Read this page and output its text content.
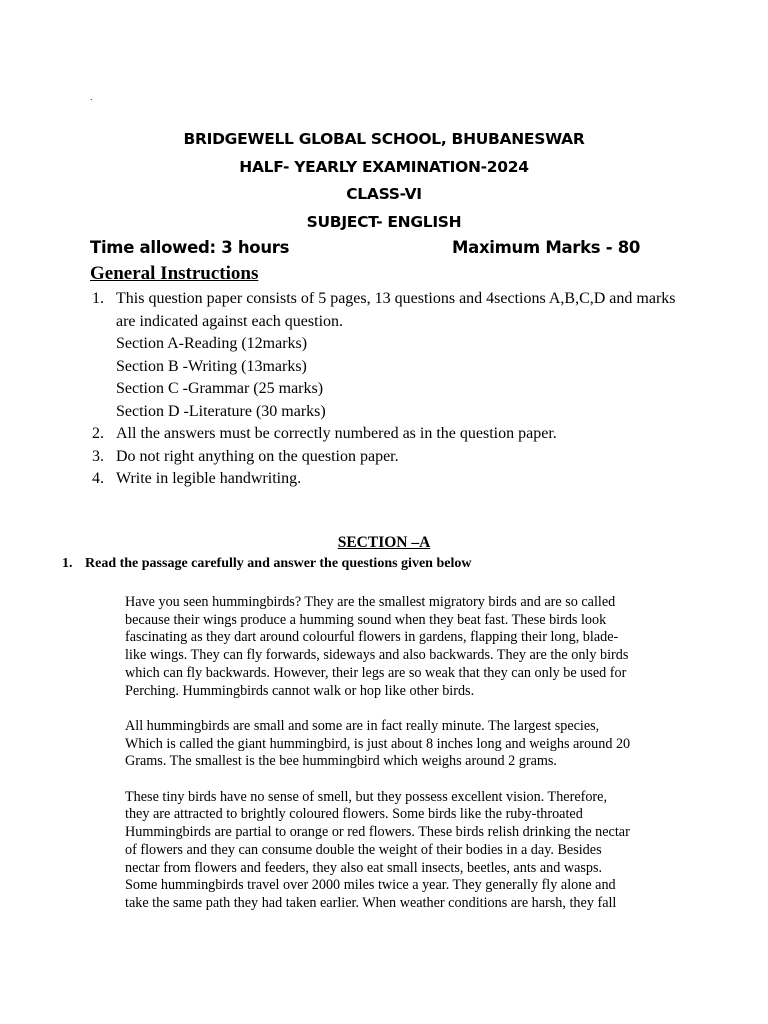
.
BRIDGEWELL GLOBAL SCHOOL, BHUBANESWAR
HALF- YEARLY EXAMINATION-2024
CLASS-VI
SUBJECT- ENGLISH
Time allowed: 3 hours	Maximum Marks - 80
General Instructions
1. This question paper consists of 5 pages, 13 questions and 4sections A,B,C,D and marks are indicated against each question.
Section A-Reading (12marks)
Section B -Writing (13marks)
Section C -Grammar (25 marks)
Section D -Literature (30 marks)
2. All the answers must be correctly numbered as in the question paper.
3. Do not right anything on the question paper.
4. Write in legible handwriting.
SECTION –A
1. Read the passage carefully and answer the questions given below
Have you seen hummingbirds? They are the smallest migratory birds and are so called
because their wings produce a humming sound when they beat fast. These birds look
fascinating as they dart around colourful flowers in gardens, flapping their long, blade-
like wings. They can fly forwards, sideways and also backwards. They are the only birds
which can fly backwards. However, their legs are so weak that they can only be used for
Perching. Hummingbirds cannot walk or hop like other birds.
All hummingbirds are small and some are in fact really minute. The largest species,
Which is called the giant hummingbird, is just about 8 inches long and weighs around 20
Grams. The smallest is the bee hummingbird which weighs around 2 grams.
These tiny birds have no sense of smell, but they possess excellent vision. Therefore,
they are attracted to brightly coloured flowers. Some birds like the ruby-throated
Hummingbirds are partial to orange or red flowers. These birds relish drinking the nectar
of flowers and they can consume double the weight of their bodies in a day. Besides
nectar from flowers and feeders, they also eat small insects, beetles, ants and wasps.
Some hummingbirds travel over 2000 miles twice a year. They generally fly alone and
take the same path they had taken earlier. When weather conditions are harsh, they fall
